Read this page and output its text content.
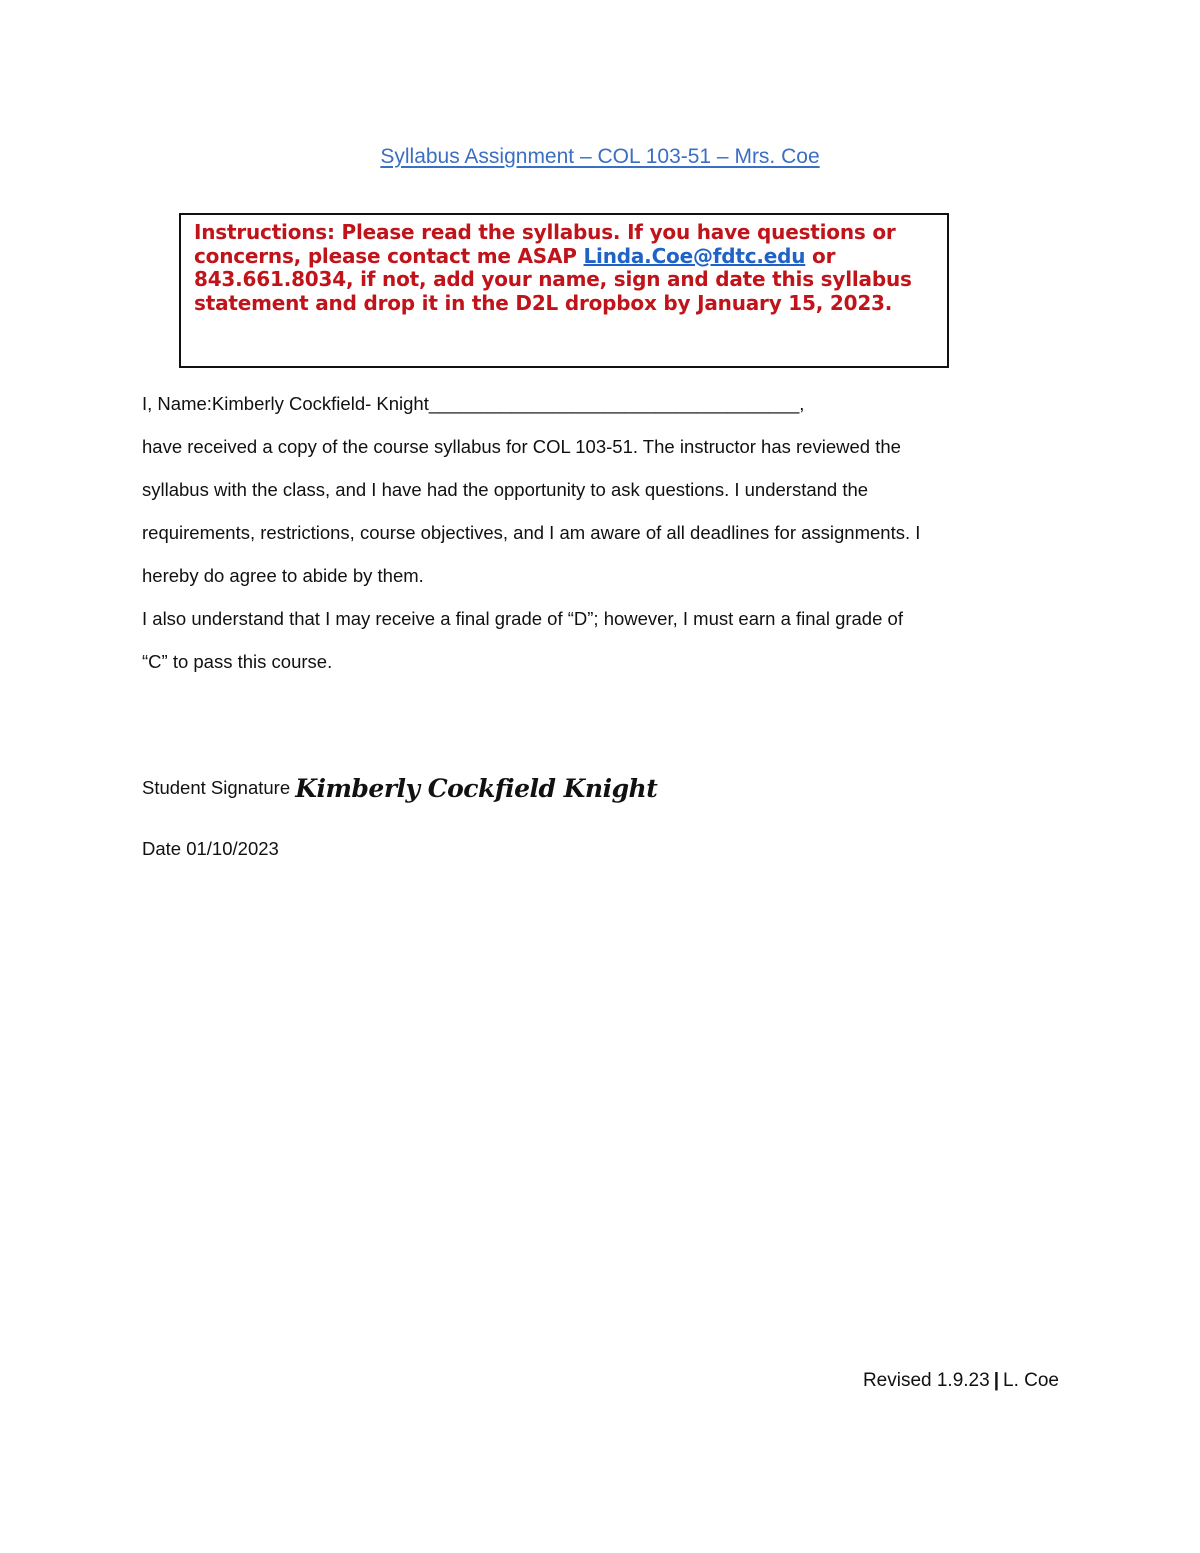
Syllabus Assignment – COL 103-51 – Mrs. Coe
Instructions: Please read the syllabus. If you have questions or concerns, please contact me ASAP Linda.Coe@fdtc.edu or 843.661.8034, if not, add your name, sign and date this syllabus statement and drop it in the D2L dropbox by January 15, 2023.
I, Name:Kimberly Cockfield- Knight____________________________________,
have received a copy of the course syllabus for COL 103-51. The instructor has reviewed the
syllabus with the class, and I have had the opportunity to ask questions. I understand the
requirements, restrictions, course objectives, and I am aware of all deadlines for assignments. I
hereby do agree to abide by them.
I also understand that I may receive a final grade of “D”; however, I must earn a final grade of
“C” to pass this course.
Student Signature Kimberly Cockfield Knight
Date 01/10/2023
Revised 1.9.23 | L. Coe
